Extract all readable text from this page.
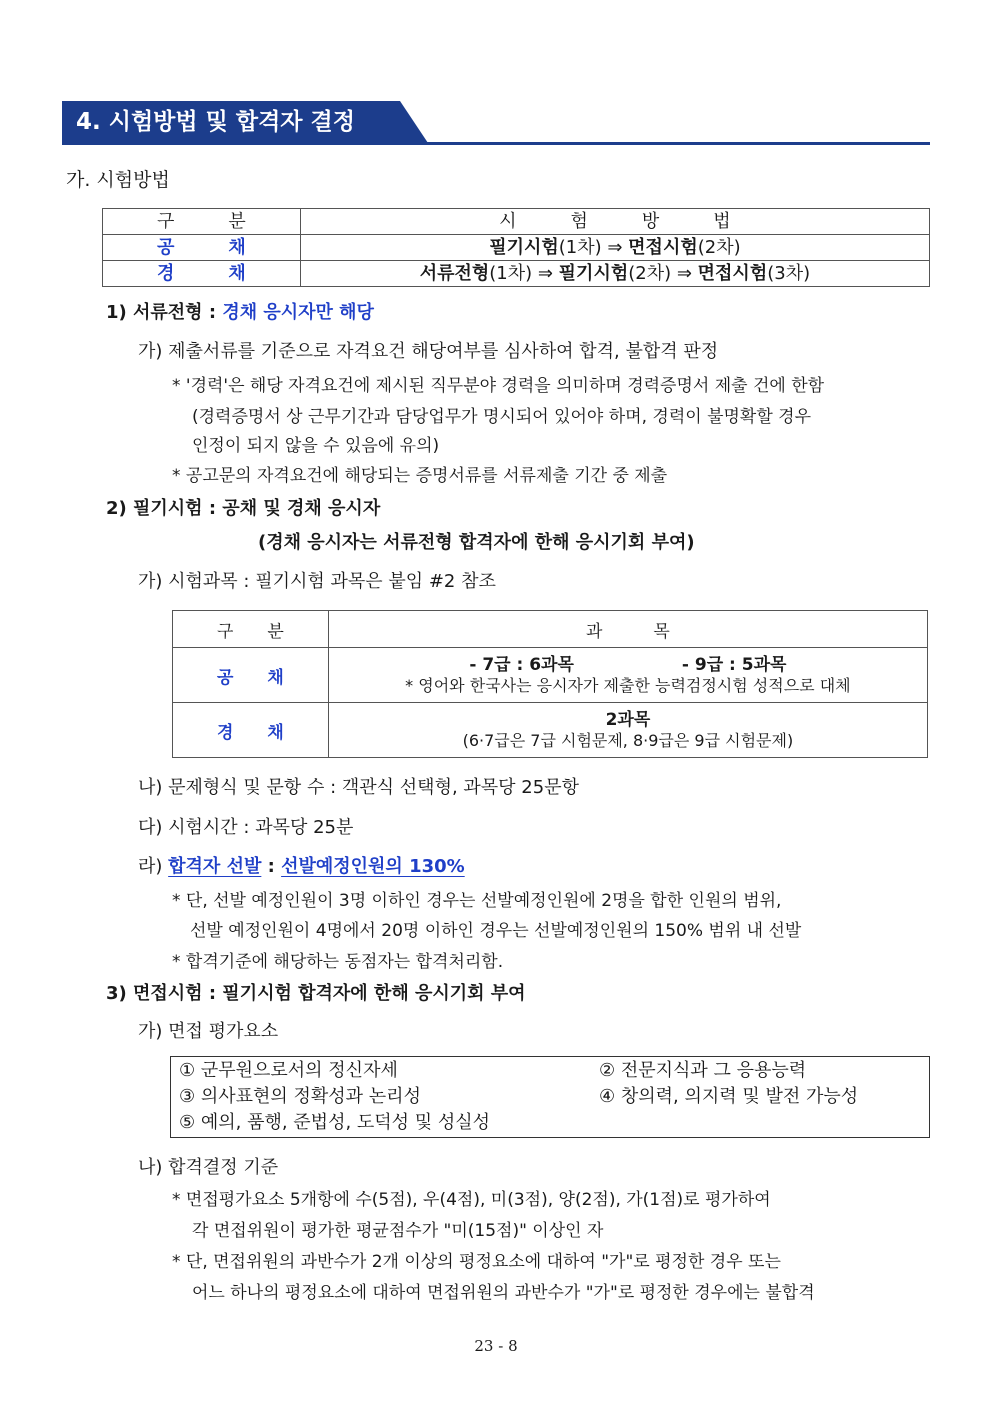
4. 시험방법 및 합격자 결정
가. 시험방법
구　　　분	시　　　험　　　방　　　법
공　　　채	필기시험(1차) ⇒ 면접시험(2차)
경　　　채	서류전형(1차) ⇒ 필기시험(2차) ⇒ 면접시험(3차)
1) 서류전형 : 경채 응시자만 해당
가) 제출서류를 기준으로 자격요건 해당여부를 심사하여 합격, 불합격 판정
* '경력'은 해당 자격요건에 제시된 직무분야 경력을 의미하며 경력증명서 제출 건에 한함
(경력증명서 상 근무기간과 담당업무가 명시되어 있어야 하며, 경력이 불명확할 경우
인정이 되지 않을 수 있음에 유의)
* 공고문의 자격요건에 해당되는 증명서류를 서류제출 기간 중 제출
2) 필기시험 : 공채 및 경채 응시자
(경채 응시자는 서류전형 합격자에 한해 응시기회 부여)
가) 시험과목 : 필기시험 과목은 붙임 #2 참조
구　　분	과　　　목
공　　채	- 7급 : 6과목 - 9급 : 5과목
* 영어와 한국사는 응시자가 제출한 능력검정시험 성적으로 대체

경　　채	2과목
(6·7급은 7급 시험문제, 8·9급은 9급 시험문제)
나) 문제형식 및 문항 수 : 객관식 선택형, 과목당 25문항
다) 시험시간 : 과목당 25분
라) 합격자 선발 : 선발예정인원의 130%
* 단, 선발 예정인원이 3명 이하인 경우는 선발예정인원에 2명을 합한 인원의 범위,
선발 예정인원이 4명에서 20명 이하인 경우는 선발예정인원의 150% 범위 내 선발
* 합격기준에 해당하는 동점자는 합격처리함.
3) 면접시험 : 필기시험 합격자에 한해 응시기회 부여
가) 면접 평가요소
① 군무원으로서의 정신자세	② 전문지식과 그 응용능력
③ 의사표현의 정확성과 논리성	④ 창의력, 의지력 및 발전 가능성
⑤ 예의, 품행, 준법성, 도덕성 및 성실성
나) 합격결정 기준
* 면접평가요소 5개항에 수(5점), 우(4점), 미(3점), 양(2점), 가(1점)로 평가하여
각 면접위원이 평가한 평균점수가 "미(15점)" 이상인 자
* 단, 면접위원의 과반수가 2개 이상의 평정요소에 대하여 "가"로 평정한 경우 또는
어느 하나의 평정요소에 대하여 면접위원의 과반수가 "가"로 평정한 경우에는 불합격
23 - 8
